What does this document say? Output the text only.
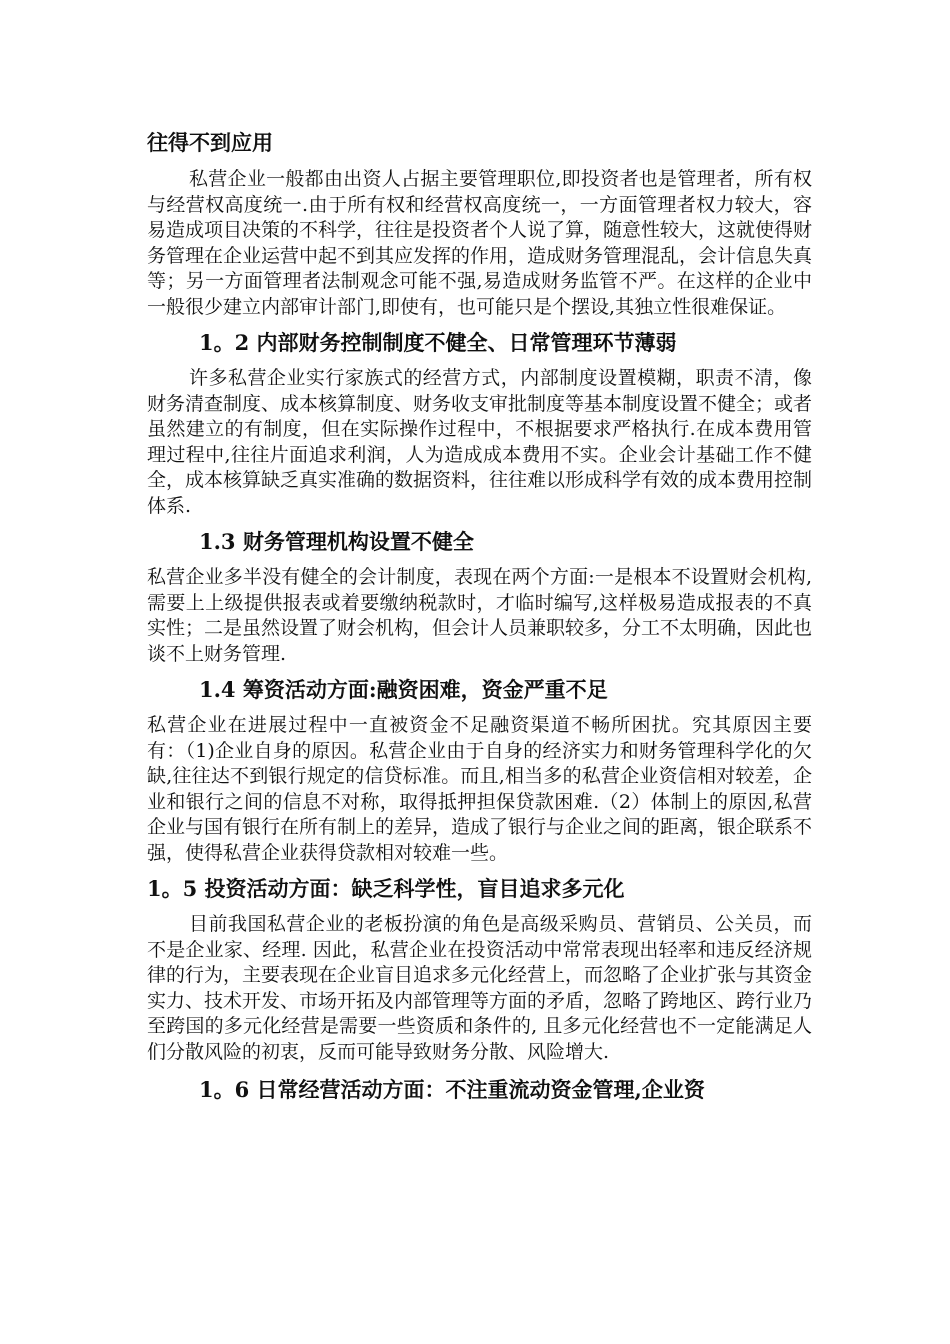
往得不到应用

私营企业一般都由出资人占据主要管理职位,即投资者也是管理者，所有权与经营权高度统一.由于所有权和经营权高度统一，一方面管理者权力较大，容易造成项目决策的不科学，往往是投资者个人说了算，随意性较大，这就使得财务管理在企业运营中起不到其应发挥的作用，造成财务管理混乱，会计信息失真等；另一方面管理者法制观念可能不强,易造成财务监管不严。在这样的企业中一般很少建立内部审计部门,即使有，也可能只是个摆设,其独立性很难保证。

1。2 内部财务控制制度不健全、日常管理环节薄弱

许多私营企业实行家族式的经营方式，内部制度设置模糊，职责不清，像财务清查制度、成本核算制度、财务收支审批制度等基本制度设置不健全；或者虽然建立的有制度，但在实际操作过程中，不根据要求严格执行.在成本费用管理过程中,往往片面追求利润，人为造成成本费用不实。企业会计基础工作不健全，成本核算缺乏真实准确的数据资料，往往难以形成科学有效的成本费用控制体系.

1.3 财务管理机构设置不健全

私营企业多半没有健全的会计制度，表现在两个方面:一是根本不设置财会机构,需要上上级提供报表或着要缴纳税款时，才临时编写,这样极易造成报表的不真实性；二是虽然设置了财会机构，但会计人员兼职较多，分工不太明确，因此也谈不上财务管理.

1.4 筹资活动方面:融资困难，资金严重不足

私营企业在进展过程中一直被资金不足融资渠道不畅所困扰。究其原因主要有：（1)企业自身的原因。私营企业由于自身的经济实力和财务管理科学化的欠缺,往往达不到银行规定的信贷标准。而且,相当多的私营企业资信相对较差，企业和银行之间的信息不对称，取得抵押担保贷款困难.（2）体制上的原因,私营企业与国有银行在所有制上的差异，造成了银行与企业之间的距离，银企联系不强，使得私营企业获得贷款相对较难一些。

1。5 投资活动方面：缺乏科学性，盲目追求多元化

目前我国私营企业的老板扮演的角色是高级采购员、营销员、公关员，而不是企业家、经理. 因此，私营企业在投资活动中常常表现出轻率和违反经济规律的行为，主要表现在企业盲目追求多元化经营上，而忽略了企业扩张与其资金实力、技术开发、市场开拓及内部管理等方面的矛盾，忽略了跨地区、跨行业乃至跨国的多元化经营是需要一些资质和条件的, 且多元化经营也不一定能满足人们分散风险的初衷，反而可能导致财务分散、风险增大.

1。6 日常经营活动方面：不注重流动资金管理,企业资
